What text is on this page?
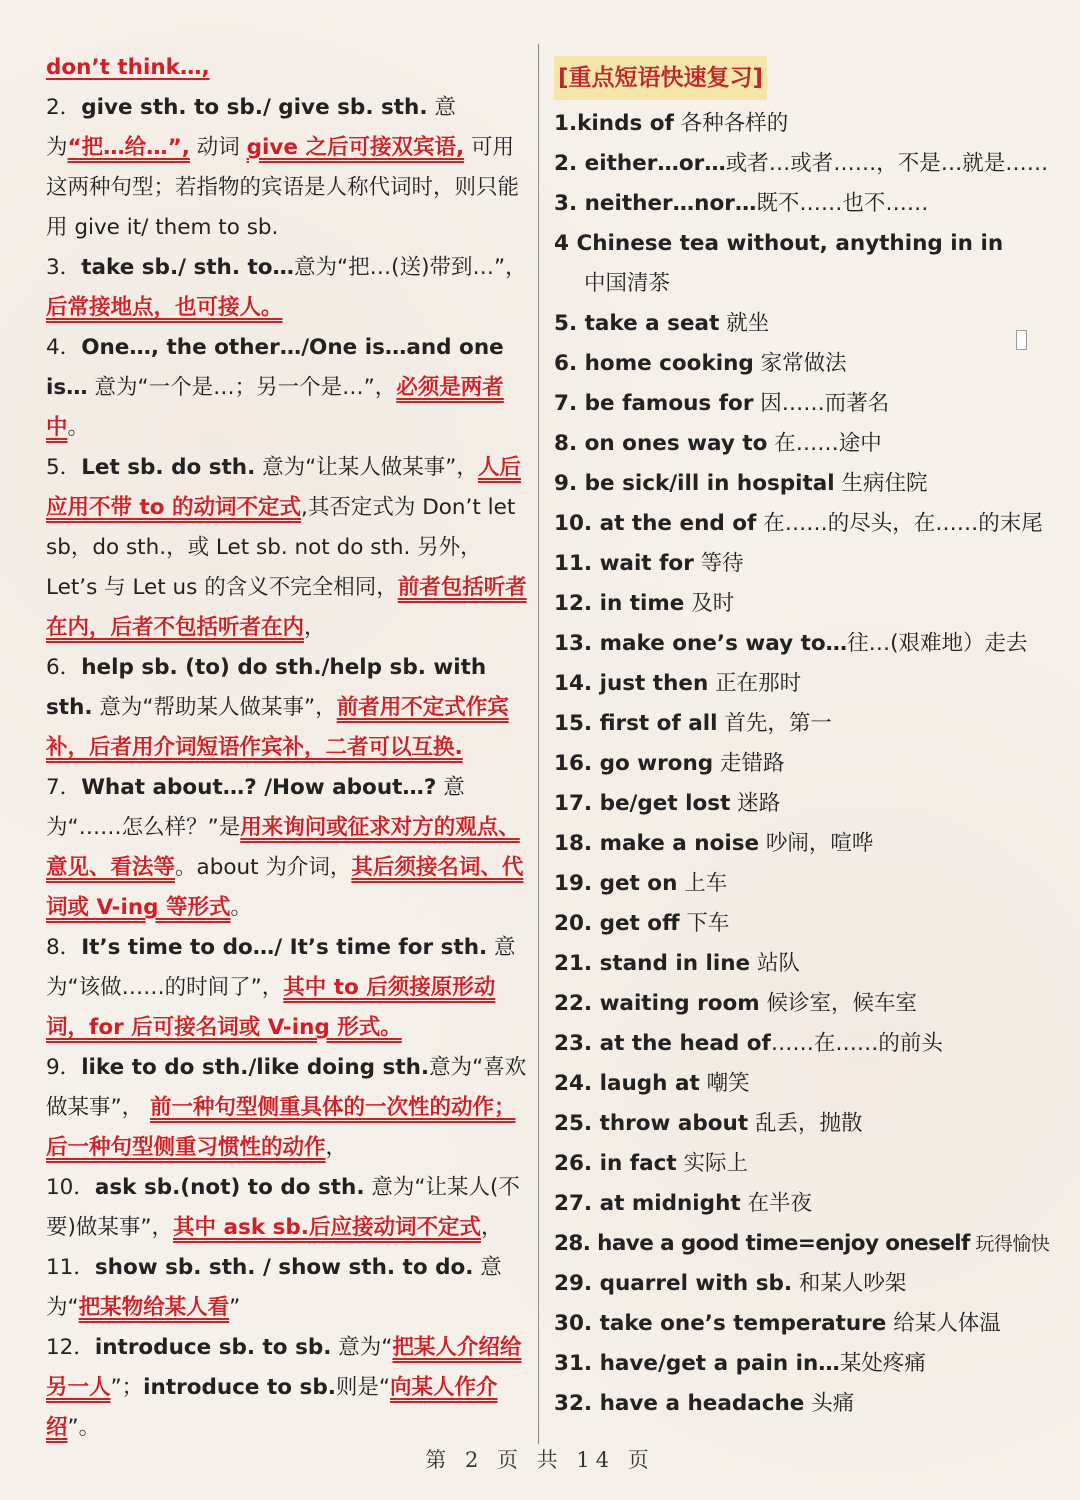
don’t think…,

2．give sth. to sb./ give sb. sth. 意为“把…给…”, 动词 give 之后可接双宾语, 可用这两种句型；若指物的宾语是人称代词时，则只能用 give it/ them to sb.

3．take sb./ sth. to…意为“把…(送)带到…”，
后常接地点，也可接人。

4．One…, the other…/One is…and one is… 意为“一个是…；另一个是…”，必须是两者中。

5．Let sb. do sth. 意为“让某人做某事”，人后应用不带 to 的动词不定式,其否定式为 Don’t let sb，do sth.，或 Let sb. not do sth. 另外，Let’s 与 Let us 的含义不完全相同，前者包括听者在内，后者不包括听者在内，

6．help sb. (to) do sth./help sb. with sth. 意为“帮助某人做某事”，前者用不定式作宾补，后者用介词短语作宾补，二者可以互换.

7．What about…? /How about…? 意为“……怎么样？”是用来询问或征求对方的观点、意见、看法等。about 为介词，其后须接名词、代词或 V-ing 等形式。

8．It’s time to do…/ It’s time for sth. 意为“该做……的时间了”，其中 to 后须接原形动词，for 后可接名词或 V-ing 形式。

9．like to do sth./like doing sth.意为“喜欢做某事”， 前一种句型侧重具体的一次性的动作；后一种句型侧重习惯性的动作，

10．ask sb.(not) to do sth. 意为“让某人(不要)做某事”，其中 ask sb.后应接动词不定式，

11．show sb. sth. / show sth. to do. 意为“把某物给某人看”

12．introduce sb. to sb. 意为“把某人介绍给另一人”；introduce to sb.则是“向某人作介绍”。

[重点短语快速复习]
1.kinds of 各种各样的
2. either…or…或者…或者……，不是…就是……
3. neither…nor…既不……也不……
4 Chinese tea without, anything in in
中国清茶
5. take a seat 就坐
6. home cooking 家常做法
7. be famous for 因……而著名
8. on ones way to 在……途中
9. be sick/ill in hospital 生病住院
10. at the end of 在……的尽头，在……的末尾
11. wait for 等待
12. in time 及时
13. make one’s way to…往…(艰难地）走去
14. just then 正在那时
15. first of all 首先，第一
16. go wrong 走错路
17. be/get lost 迷路
18. make a noise 吵闹，喧哗
19. get on 上车
20. get off 下车
21. stand in line 站队
22. waiting room 候诊室，候车室
23. at the head of……在……的前头
24. laugh at 嘲笑
25. throw about 乱丢，抛散
26. in fact 实际上
27. at midnight 在半夜
28. have a good time=enjoy oneself 玩得愉快
29. quarrel with sb. 和某人吵架
30. take one’s temperature 给某人体温
31. have/get a pain in…某处疼痛
32. have a headache 头痛
第 2 页 共 14 页
